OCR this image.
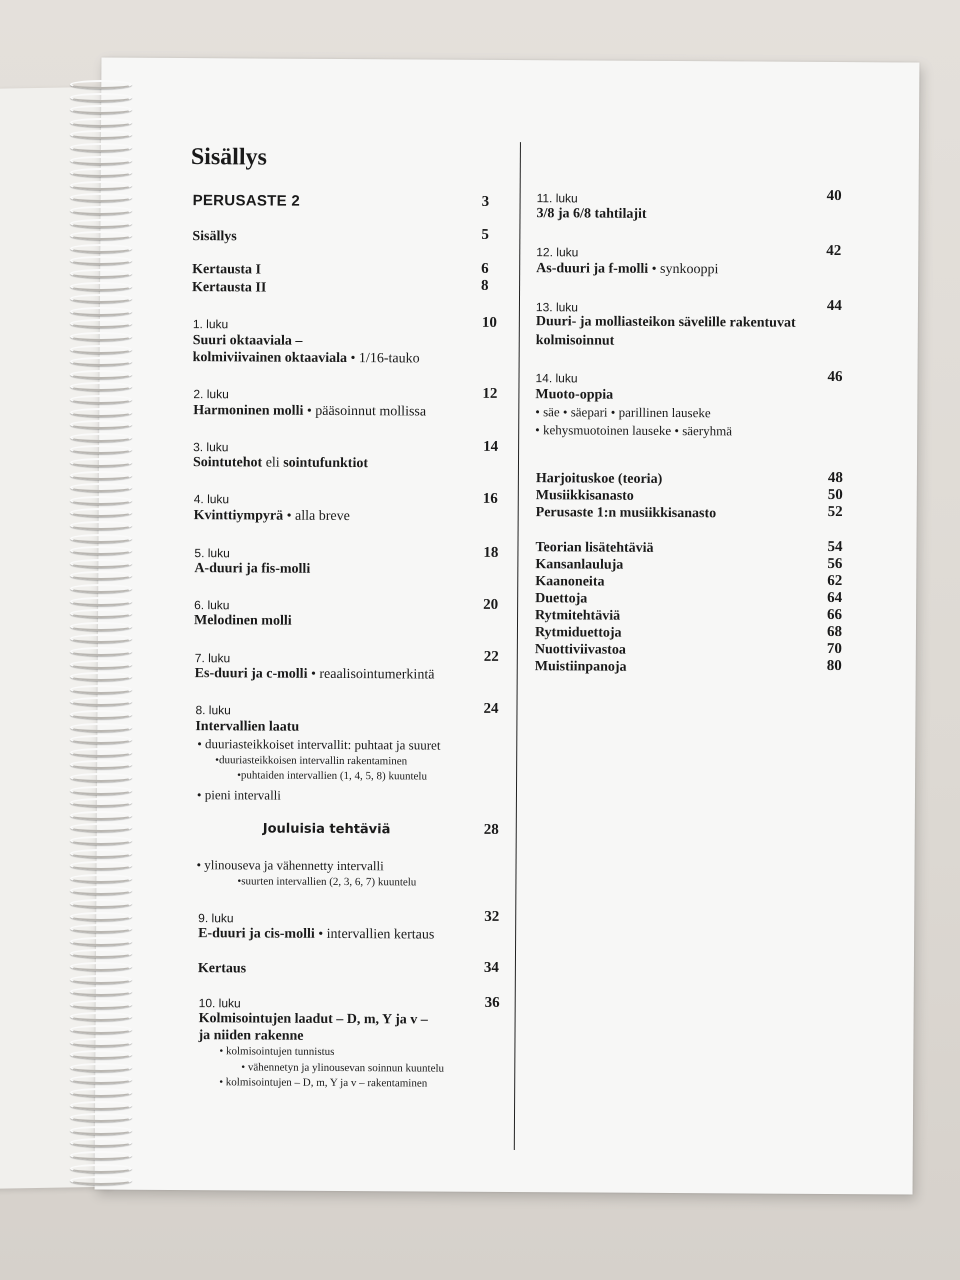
Sisällys
PERUSASTE 2	3
Sisällys	5
Kertausta I	6
Kertausta II	8
1. luku	10
Suuri oktaaviala –
kolmiviivainen oktaaviala • 1/16-tauko
2. luku	12
Harmoninen molli • pääsoinnut mollissa
3. luku	14
Sointutehot eli sointufunktiot
4. luku	16
Kvinttiympyrä • alla breve
5. luku	18
A-duuri ja fis-molli
6. luku	20
Melodinen molli
7. luku	22
Es-duuri ja c-molli • reaalisointumerkintä
8. luku	24
Intervallien laatu
• duuriasteikkoiset intervallit: puhtaat ja suuret
•duuriasteikkoisen intervallin rakentaminen
•puhtaiden intervallien (1, 4, 5, 8) kuuntelu
• pieni intervalli
Jouluisia tehtäviä	28
• ylinouseva ja vähennetty intervalli
•suurten intervallien (2, 3, 6, 7) kuuntelu
9. luku	32
E-duuri ja cis-molli • intervallien kertaus
Kertaus	34
10. luku	36
Kolmisointujen laadut – D, m, Y ja v –
ja niiden rakenne
• kolmisointujen tunnistus
• vähennetyn ja ylinousevan soinnun kuuntelu
• kolmisointujen – D, m, Y ja v – rakentaminen
11. luku	40
3/8 ja 6/8 tahtilajit
12. luku	42
As-duuri ja f-molli • synkooppi
13. luku	44
Duuri- ja molliasteikon sävelille rakentuvat
kolmisoinnut
14. luku	46
Muoto-oppia
• säe • säepari • parillinen lauseke
• kehysmuotoinen lauseke • säeryhmä
Harjoituskoe (teoria)	48
Musiikkisanasto	50
Perusaste 1:n musiikkisanasto	52
Teorian lisätehtäviä	54
Kansanlauluja	56
Kaanoneita	62
Duettoja	64
Rytmitehtäviä	66
Rytmiduettoja	68
Nuottiviivastoa	70
Muistiinpanoja	80
